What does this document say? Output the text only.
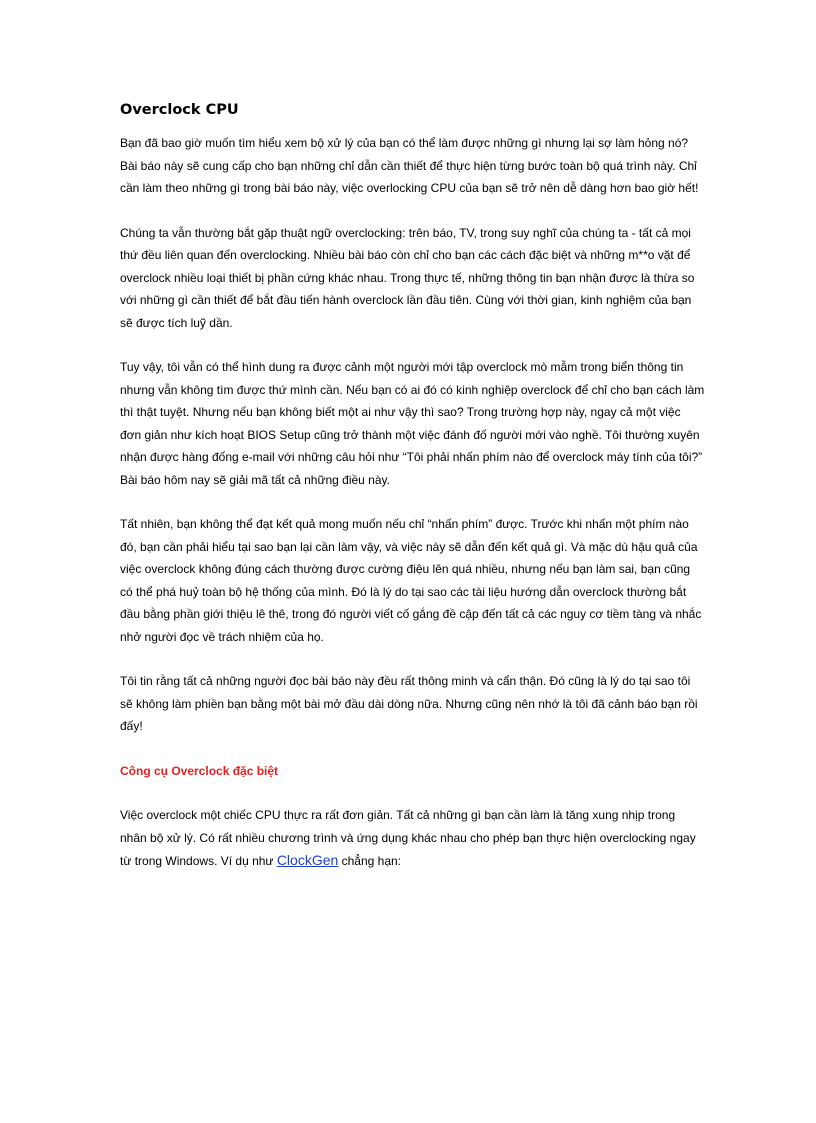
Overclock CPU

Bạn đã bao giờ muốn tìm hiểu xem bộ xử lý của bạn có thể làm được những gì nhưng lại sợ làm hỏng nó? Bài báo này sẽ cung cấp cho bạn những chỉ dẫn cần thiết để thực hiện từng bước toàn bộ quá trình này. Chỉ cần làm theo những gì trong bài báo này, việc overlocking CPU của bạn sẽ trở nên dễ dàng hơn bao giờ hết!

Chúng ta vẫn thường bắt gặp thuật ngữ overclocking: trên báo, TV, trong suy nghĩ của chúng ta - tất cả mọi thứ đều liên quan đến overclocking. Nhiều bài báo còn chỉ cho bạn các cách đặc biệt và những m**o vặt để overclock nhiều loại thiết bị phần cứng khác nhau. Trong thực tế, những thông tin bạn nhận được là thừa so với những gì cần thiết để bắt đầu tiến hành overclock lần đầu tiên. Cùng với thời gian, kinh nghiệm của bạn sẽ được tích luỹ dần.

Tuy vậy, tôi vẫn có thể hình dung ra được cảnh một người mới tập overclock mò mẫm trong biển thông tin nhưng vẫn không tìm được thứ mình cần. Nếu bạn có ai đó có kinh nghiệp overclock để chỉ cho bạn cách làm thì thật tuyệt. Nhưng nếu bạn không biết một ai như vậy thì sao? Trong trường hợp này, ngay cả một việc đơn giản như kích hoạt BIOS Setup cũng trở thành một việc đánh đố người mới vào nghề. Tôi thường xuyên nhận được hàng đống e-mail với những câu hỏi như “Tôi phải nhấn phím nào để overclock máy tính của tôi?” Bài báo hôm nay sẽ giải mã tất cả những điều này.

Tất nhiên, bạn không thể đạt kết quả mong muốn nếu chỉ “nhấn phím” được. Trước khi nhấn một phím nào đó, bạn cần phải hiểu tại sao bạn lại cần làm vậy, và việc này sẽ dẫn đến kết quả gì. Và mặc dù hậu quả của việc overclock không đúng cách thường được cường điệu lên quá nhiều, nhưng nếu bạn làm sai, bạn cũng có thể phá huỷ toàn bộ hệ thống của mình. Đó là lý do tại sao các tài liệu hướng dẫn overclock thường bắt đầu bằng phần giới thiệu lê thê, trong đó người viết cố gắng đề cập đến tất cả các nguy cơ tiềm tàng và nhắc nhở người đọc về trách nhiệm của họ.

Tôi tin rằng tất cả những người đọc bài báo này đều rất thông minh và cẩn thận. Đó cũng là lý do tại sao tôi sẽ không làm phiền bạn bằng một bài mở đầu dài dòng nữa. Nhưng cũng nên nhớ là tôi đã cảnh báo bạn rồi đấy!

Công cụ Overclock đặc biệt

Việc overclock một chiếc CPU thực ra rất đơn giản. Tất cả những gì bạn cần làm là tăng xung nhịp trong nhân bộ xử lý. Có rất nhiều chương trình và ứng dụng khác nhau cho phép bạn thực hiện overclocking ngay từ trong Windows. Ví dụ như ClockGen chẳng hạn:
